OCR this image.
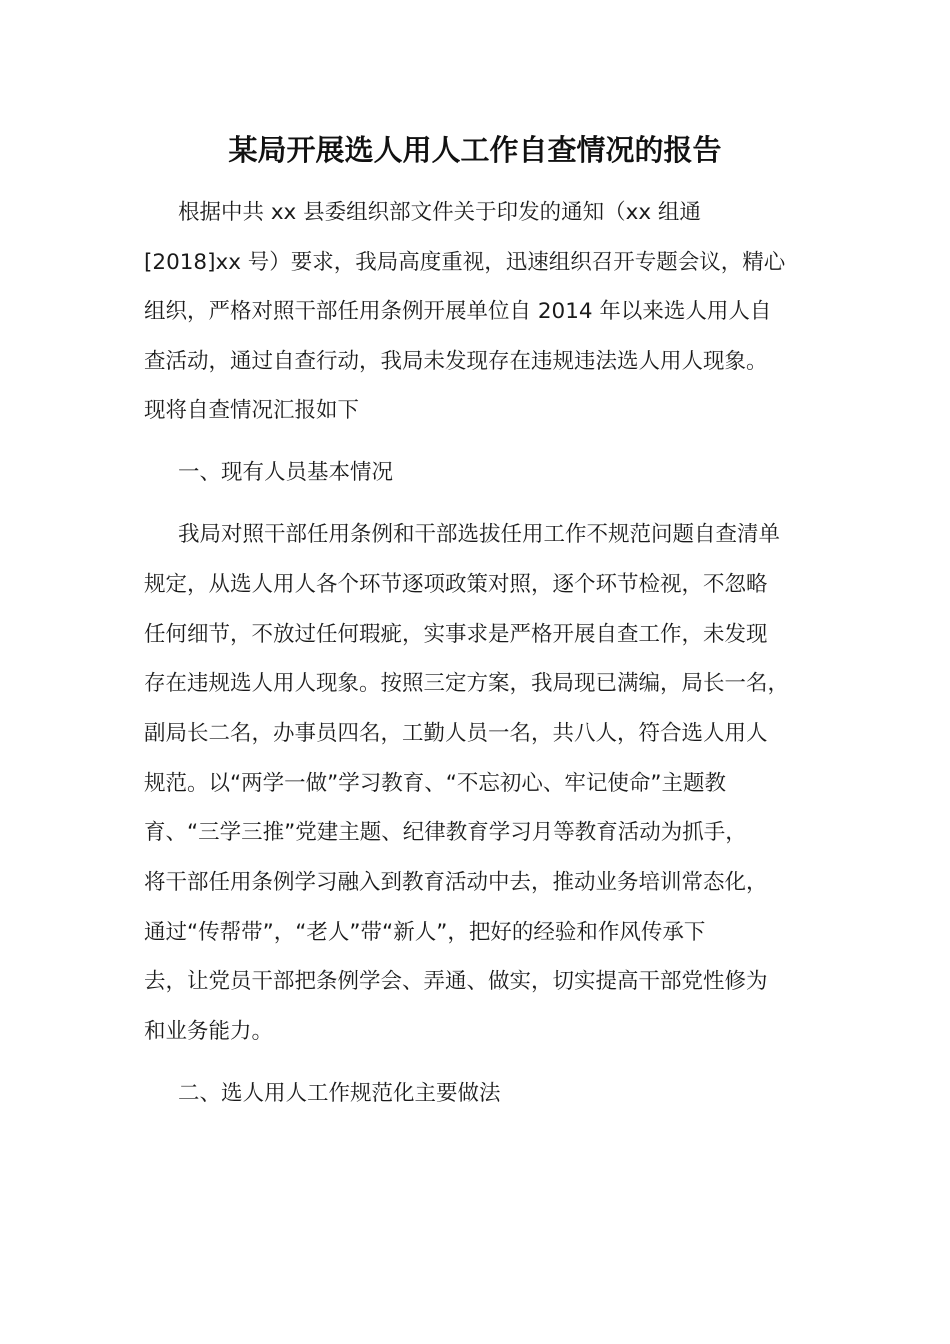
某局开展选人用人工作自查情况的报告

根据中共 xx 县委组织部文件关于印发的通知（xx 组通

[2018]xx 号）要求，我局高度重视，迅速组织召开专题会议，精心

组织，严格对照干部任用条例开展单位自 2014 年以来选人用人自

查活动，通过自查行动，我局未发现存在违规违法选人用人现象。

现将自查情况汇报如下

一、现有人员基本情况

我局对照干部任用条例和干部选拔任用工作不规范问题自查清单

规定，从选人用人各个环节逐项政策对照，逐个环节检视，不忽略

任何细节，不放过任何瑕疵，实事求是严格开展自查工作，未发现

存在违规选人用人现象。按照三定方案，我局现已满编，局长一名，

副局长二名，办事员四名，工勤人员一名，共八人，符合选人用人

规范。以“两学一做”学习教育、“不忘初心、牢记使命”主题教

育、“三学三推”党建主题、纪律教育学习月等教育活动为抓手，

将干部任用条例学习融入到教育活动中去，推动业务培训常态化，

通过“传帮带”，“老人”带“新人”，把好的经验和作风传承下

去，让党员干部把条例学会、弄通、做实，切实提高干部党性修为

和业务能力。

二、选人用人工作规范化主要做法
